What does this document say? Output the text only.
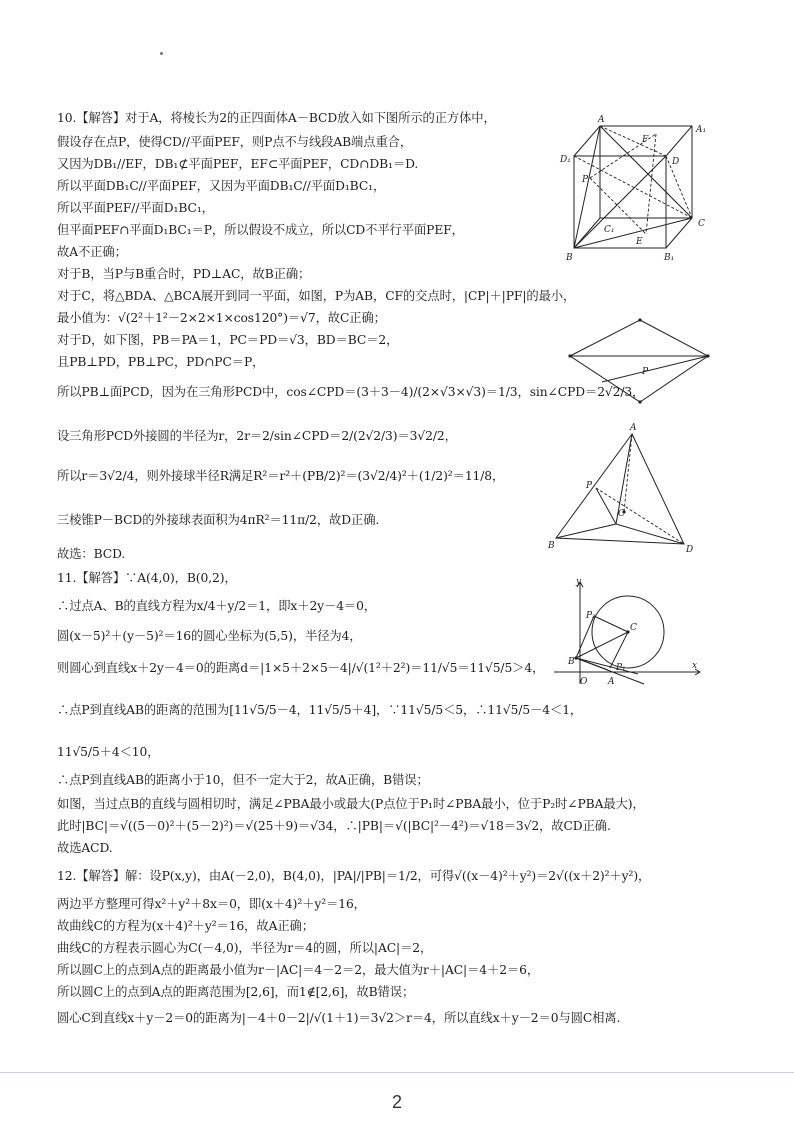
10.【解答】对于A，将棱长为2的正四面体A－BCD放入如下图所示的正方体中，
假设存在点P，使得CD//平面PEF，则P点不与线段AB端点重合，
又因为DB₁//EF，DB₁⊄平面PEF，EF⊂平面PEF，CD∩DB₁＝D.
所以平面DB₁C//平面PEF，又因为平面DB₁C//平面D₁BC₁，
所以平面PEF//平面D₁BC₁，
但平面PEF∩平面D₁BC₁＝P，所以假设不成立，所以CD不平行平面PEF，
故A不正确；
对于B，当P与B重合时，PD⊥AC，故B正确；
对于C，将△BDA、△BCA展开到同一平面，如图，P为AB，CF的交点时，|CP|＋|PF|的最小，
最小值为：√(2²＋1²－2×2×1×cos120°)＝√7，故C正确；
对于D，如下图，PB＝PA＝1，PC＝PD＝√3，BD＝BC＝2，
且PB⊥PD，PB⊥PC，PD∩PC＝P，
所以PB⊥面PCD，因为在三角形PCD中，cos∠CPD＝(3＋3－4)/(2×√3×√3)＝1/3，sin∠CPD＝2√2/3，
设三角形PCD外接圆的半径为r，2r＝2/sin∠CPD＝2/(2√2/3)＝3√2/2，
所以r＝3√2/4，则外接球半径R满足R²＝r²＋(PB/2)²＝(3√2/4)²＋(1/2)²＝11/8，
三棱锥P－BCD的外接球表面积为4πR²＝11π/2，故D正确.
故选：BCD.
11.【解答】∵A(4,0)，B(0,2)，
∴过点A、B的直线方程为x/4＋y/2＝1，即x＋2y－4＝0，
圆(x－5)²＋(y－5)²＝16的圆心坐标为(5,5)，半径为4，
则圆心到直线x＋2y－4＝0的距离d＝|1×5＋2×5－4|/√(1²＋2²)＝11/√5＝11√5/5＞4，
∴点P到直线AB的距离的范围为[11√5/5－4，11√5/5＋4]，∵11√5/5＜5，∴11√5/5－4＜1，
11√5/5＋4＜10，
∴点P到直线AB的距离小于10，但不一定大于2，故A正确，B错误；
如图，当过点B的直线与圆相切时，满足∠PBA最小或最大(P点位于P₁时∠PBA最小，位于P₂时∠PBA最大)，
此时|BC|＝√((5－0)²＋(5－2)²)＝√(25＋9)＝√34，∴|PB|＝√(|BC|²－4²)＝√18＝3√2，故CD正确.
故选ACD.
12.【解答】解：设P(x,y)，由A(－2,0)，B(4,0)，|PA|/|PB|＝1/2，可得√((x－4)²＋y²)＝2√((x＋2)²＋y²)，
两边平方整理可得x²＋y²＋8x＝0，即(x＋4)²＋y²＝16，
故曲线C的方程为(x＋4)²＋y²＝16，故A正确；
曲线C的方程表示圆心为C(－4,0)，半径为r＝4的圆，所以|AC|＝2，
所以圆C上的点到A点的距离最小值为r－|AC|＝4－2＝2，最大值为r＋|AC|＝4＋2＝6，
所以圆C上的点到A点的距离范围为[2,6]，而1∉[2,6]，故B错误；
圆心C到直线x＋y－2＝0的距离为|－4＋0－2|/√(1＋1)＝3√2＞r＝4，所以直线x＋y－2＝0与圆C相离.
A
A₁
D₁	D
F
P
C₁
E
C
B	B₁
P
A
P
B
C
D
y
P₂
C
B
P₁
O A
x
2
